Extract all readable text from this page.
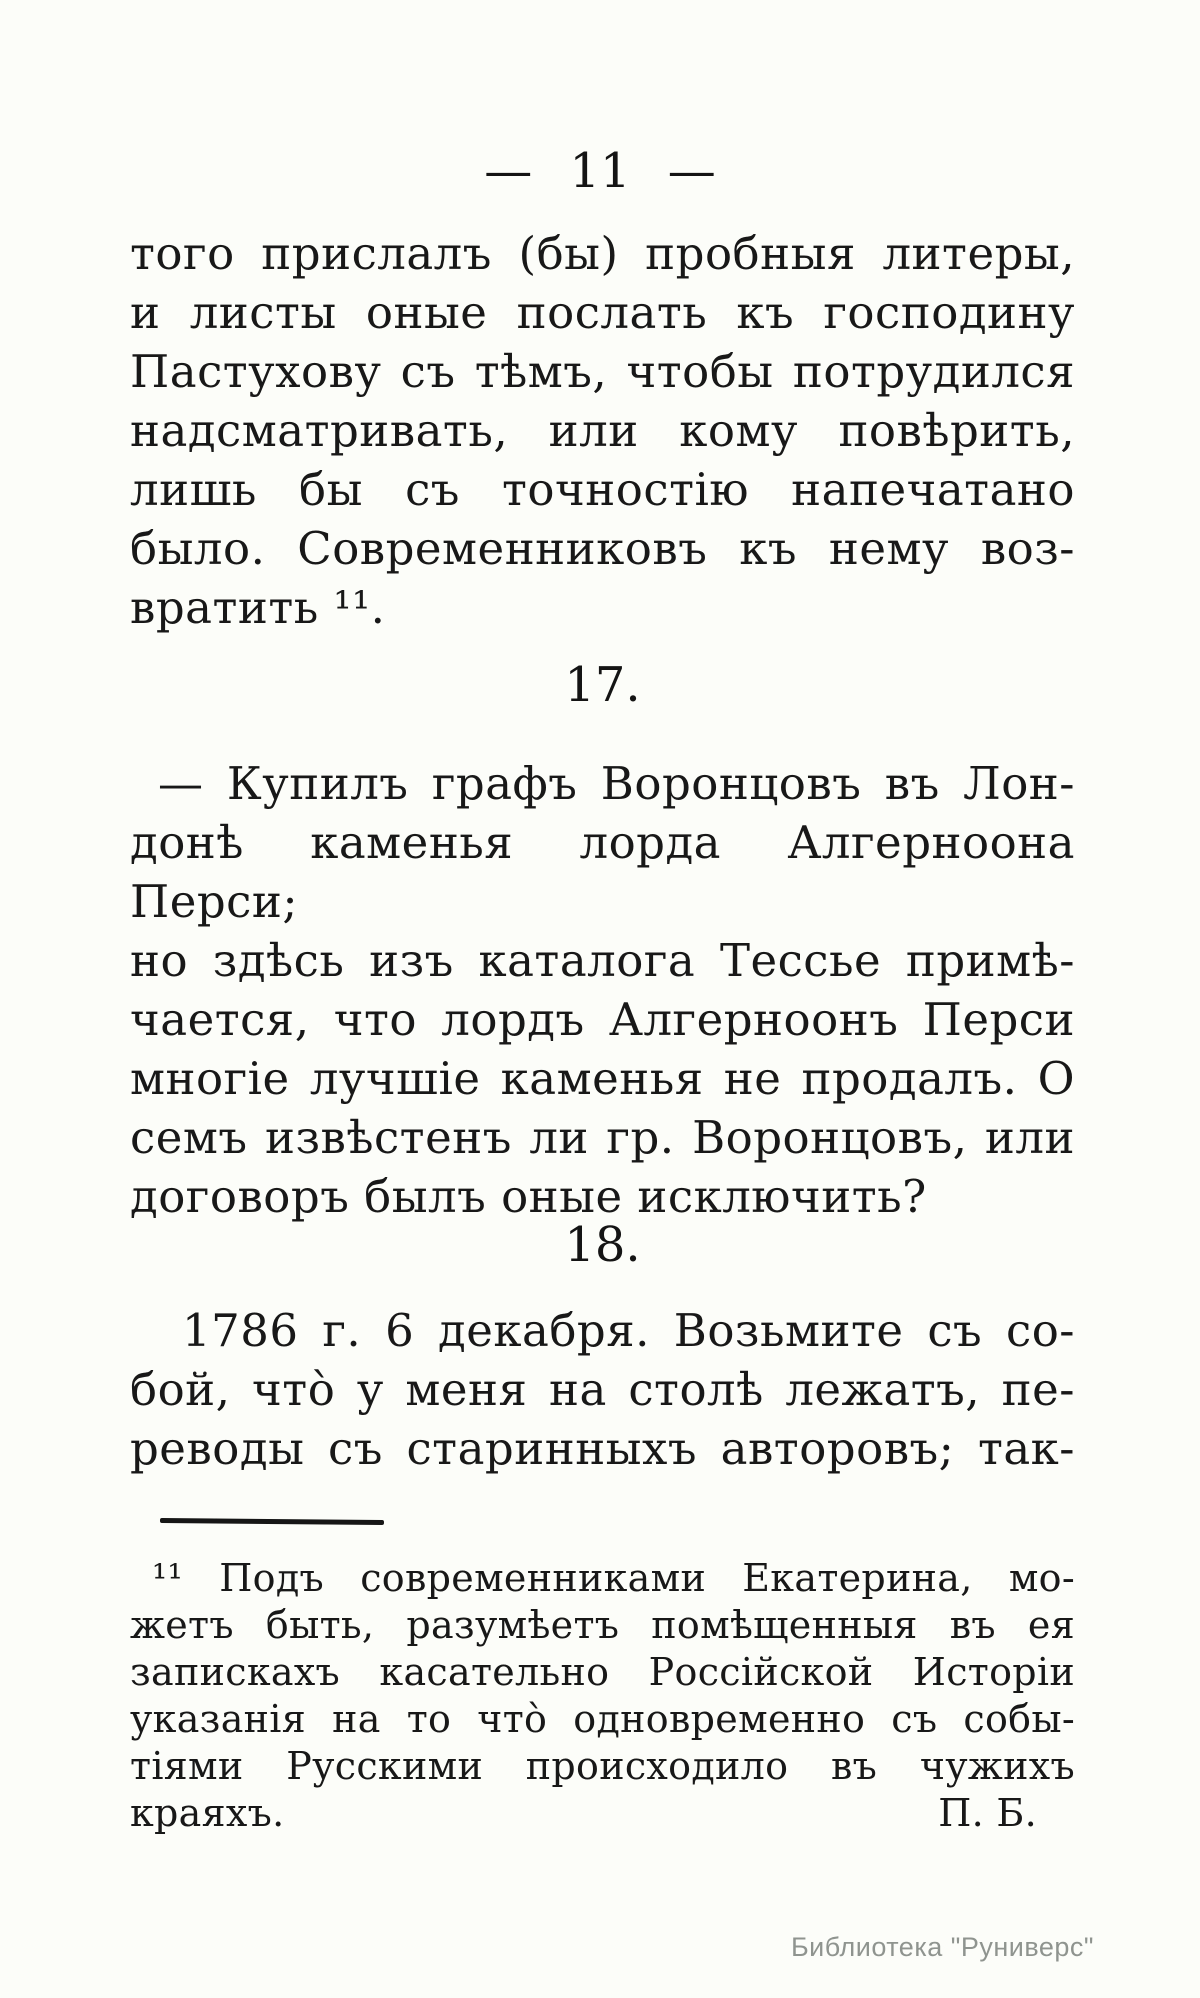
— 11 —
того прислалъ (бы) пробныя литеры,
и листы оные послать къ господину
Пастухову съ тѣмъ, чтобы потрудился
надсматривать, или кому повѣрить,
лишь бы съ точностію напечатано
было. Современниковъ къ нему воз-
вратить ¹¹.
17.
— Купилъ графъ Воронцовъ въ Лон-
донѣ каменья лорда Алгерноона Перси;
но здѣсь изъ каталога Тессье примѣ-
чается, что лордъ Алгерноонъ Перси
многіе лучшіе каменья не продалъ. О
семъ извѣстенъ ли гр. Воронцовъ, или
договоръ былъ оные исключить?
18.
1786 г. 6 декабря. Возьмите съ со-
бой, что̀ у меня на столѣ лежатъ, пе-
реводы съ старинныхъ авторовъ; так-
¹¹ Подъ современниками Екатерина, мо-
жетъ быть, разумѣетъ помѣщенныя въ ея
запискахъ касательно Россійской Исторіи
указанія на то что̀ одновременно съ собы-
тіями Русскими происходило въ чужихъ
краяхъ.	П. Б.
Библиотека "Руниверс"
